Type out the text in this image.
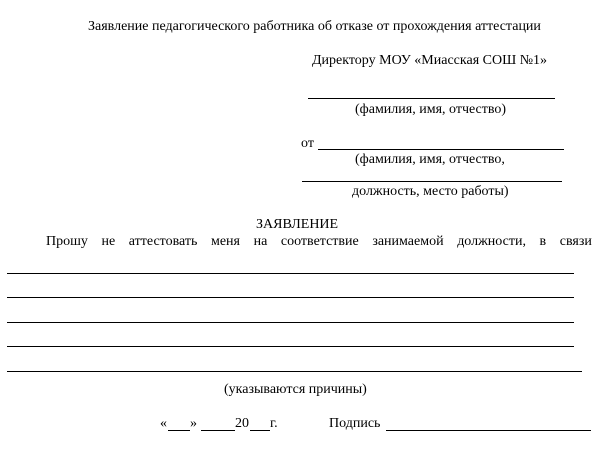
Заявление педагогического работника об отказе от прохождения аттестации
Директору МОУ «Миасская СОШ №1»
(фамилия, имя, отчество)
от
(фамилия, имя, отчество,
должность, место работы)
ЗАЯВЛЕНИЕ
Прошу не аттестовать меня на соответствие занимаемой должности, в связи
(указываются причины)
« »	20 г.	Подпись
